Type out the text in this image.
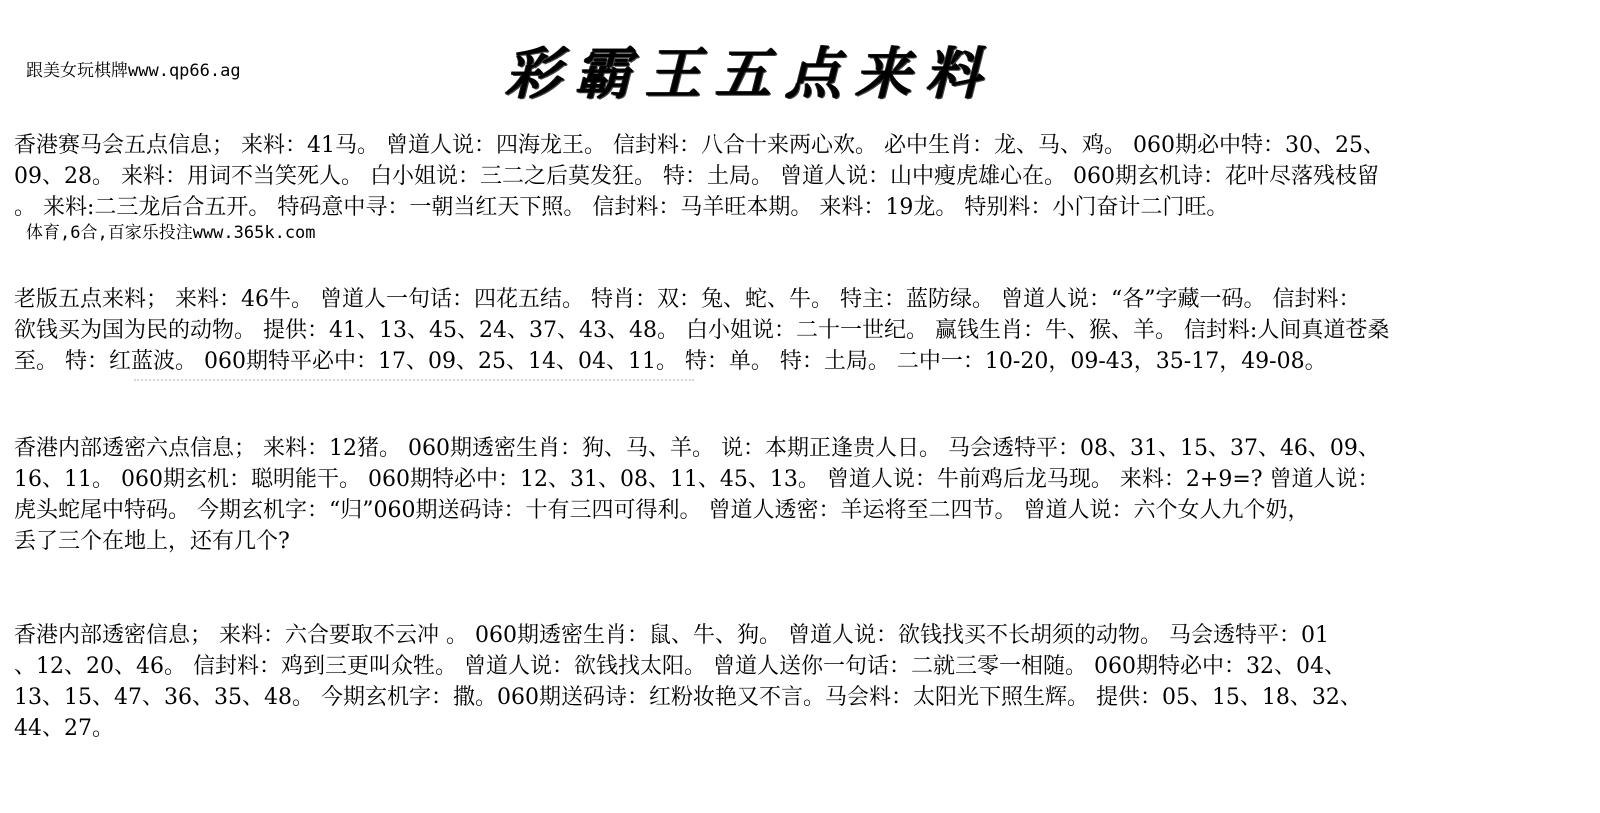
跟美女玩棋牌www.qp66.ag	彩霸王五点来料
香港赛马会五点信息； 来料：41马。 曾道人说：四海龙王。 信封料：八合十来两心欢。 必中生肖：龙、马、鸡。 060期必中特：30、25、
09、28。 来料：用词不当笑死人。 白小姐说：三二之后莫发狂。 特：土局。 曾道人说：山中瘦虎雄心在。 060期玄机诗：花叶尽落残枝留
。 来料:二三龙后合五开。 特码意中寻：一朝当红天下照。 信封料：马羊旺本期。 来料：19龙。 特别料：小门奋计二门旺。
体育,6合,百家乐投注www.365k.com
老版五点来料； 来料：46牛。 曾道人一句话：四花五结。 特肖：双：兔、蛇、牛。 特主：蓝防绿。 曾道人说：“各”字藏一码。 信封料：
欲钱买为国为民的动物。 提供：41、13、45、24、37、43、48。 白小姐说：二十一世纪。 赢钱生肖：牛、猴、羊。 信封料:人间真道苍桑
至。 特：红蓝波。 060期特平必中：17、09、25、14、04、11。 特：单。 特：土局。 二中一：10-20，09-43，35-17，49-08。
香港内部透密六点信息； 来料：12猪。 060期透密生肖：狗、马、羊。 说：本期正逢贵人日。 马会透特平：08、31、15、37、46、09、
16、11。 060期玄机：聪明能干。 060期特必中：12、31、08、11、45、13。 曾道人说：牛前鸡后龙马现。 来料：2+9=? 曾道人说：
虎头蛇尾中特码。 今期玄机字：“归”060期送码诗：十有三四可得利。 曾道人透密：羊运将至二四节。 曾道人说：六个女人九个奶，
丢了三个在地上，还有几个?
香港内部透密信息； 来料：六合要取不云冲 。 060期透密生肖：鼠、牛、狗。 曾道人说：欲钱找买不长胡须的动物。 马会透特平：01
、12、20、46。 信封料：鸡到三更叫众牲。 曾道人说：欲钱找太阳。 曾道人送你一句话：二就三零一相随。 060期特必中：32、04、
13、15、47、36、35、48。 今期玄机字：撒。060期送码诗：红粉妆艳又不言。马会料：太阳光下照生辉。 提供：05、15、18、32、
44、27。
